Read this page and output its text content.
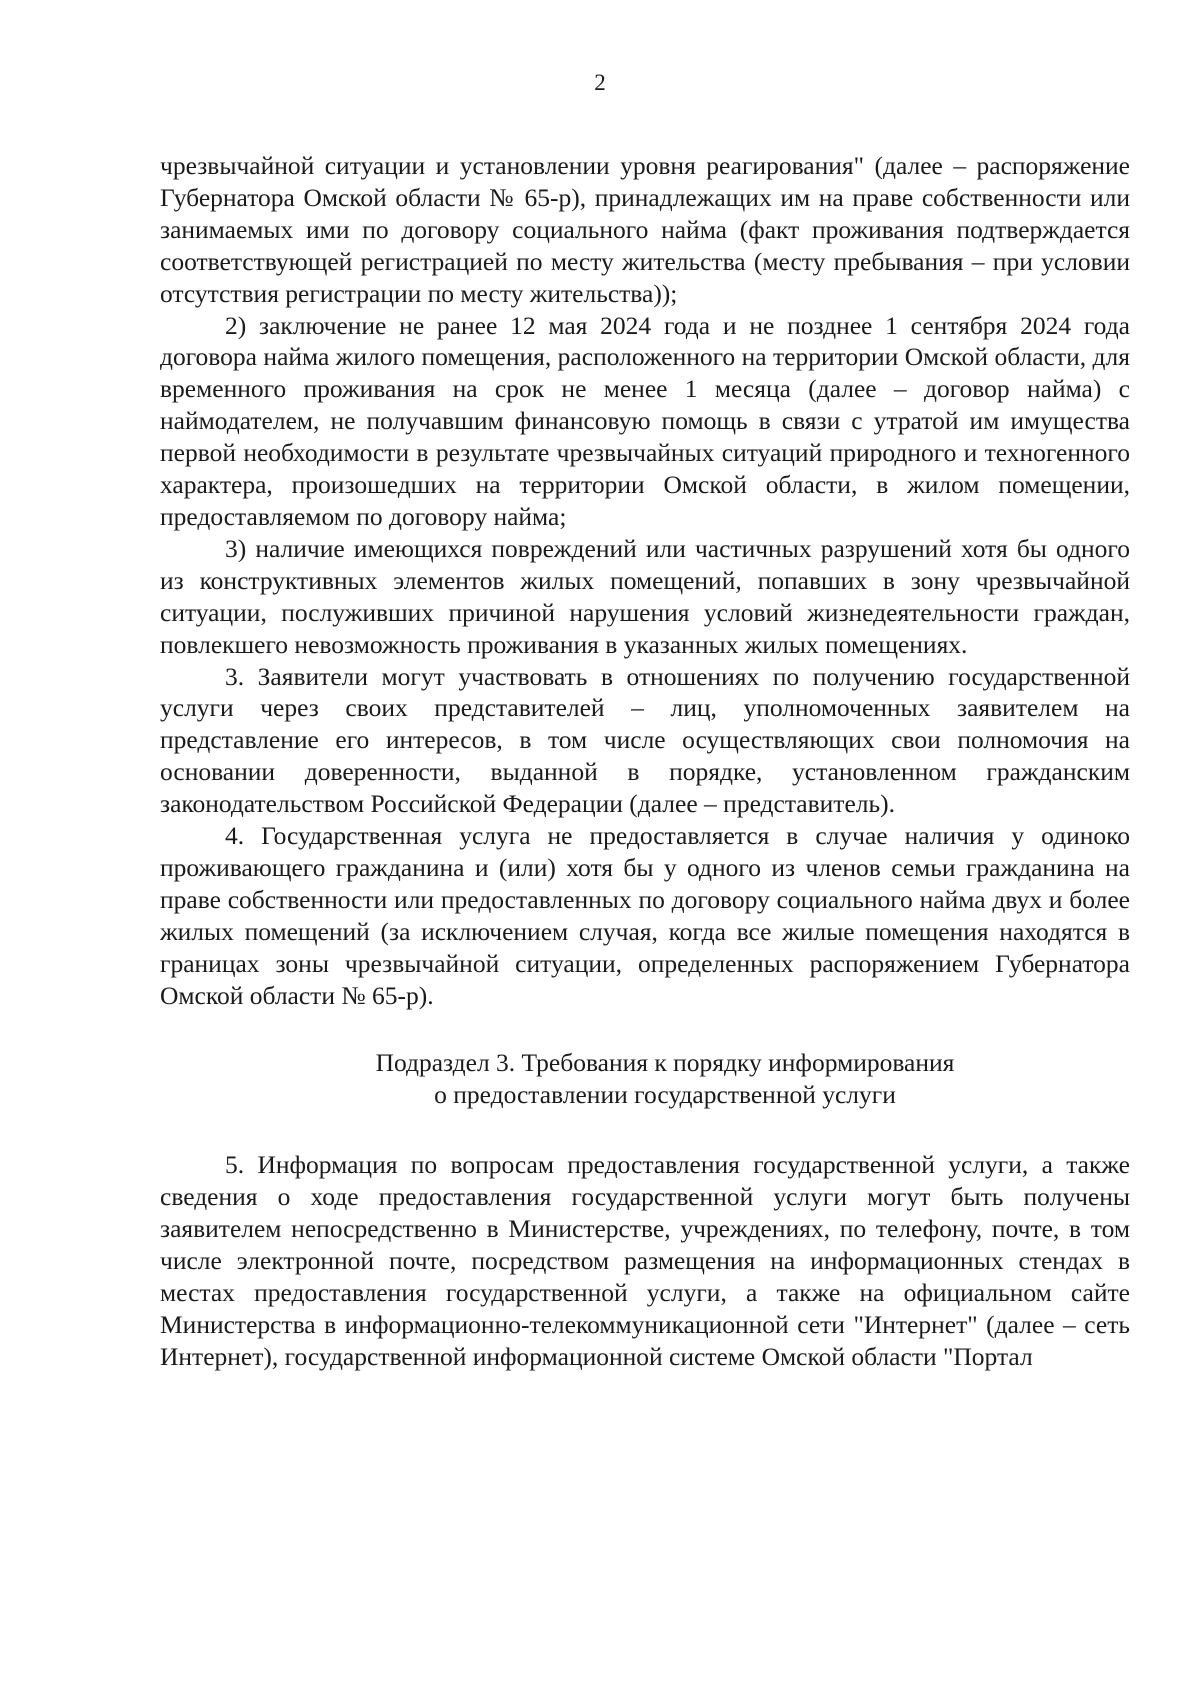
2

чрезвычайной ситуации и установлении уровня реагирования" (далее – распоряжение Губернатора Омской области № 65-р), принадлежащих им на праве собственности или занимаемых ими по договору социального найма (факт проживания подтверждается соответствующей регистрацией по месту жительства (месту пребывания – при условии отсутствия регистрации по месту жительства));

2) заключение не ранее 12 мая 2024 года и не позднее 1 сентября 2024 года договора найма жилого помещения, расположенного на территории Омской области, для временного проживания на срок не менее 1 месяца (далее – договор найма) с наймодателем, не получавшим финансовую помощь в связи с утратой им имущества первой необходимости в результате чрезвычайных ситуаций природного и техногенного характера, произошедших на территории Омской области, в жилом помещении, предоставляемом по договору найма;

3) наличие имеющихся повреждений или частичных разрушений хотя бы одного из конструктивных элементов жилых помещений, попавших в зону чрезвычайной ситуации, послуживших причиной нарушения условий жизнедеятельности граждан, повлекшего невозможность проживания в указанных жилых помещениях.

3. Заявители могут участвовать в отношениях по получению государственной услуги через своих представителей – лиц, уполномоченных заявителем на представление его интересов, в том числе осуществляющих свои полномочия на основании доверенности, выданной в порядке, установленном гражданским законодательством Российской Федерации (далее – представитель).

4. Государственная услуга не предоставляется в случае наличия у одиноко проживающего гражданина и (или) хотя бы у одного из членов семьи гражданина на праве собственности или предоставленных по договору социального найма двух и более жилых помещений (за исключением случая, когда все жилые помещения находятся в границах зоны чрезвычайной ситуации, определенных распоряжением Губернатора Омской области № 65-р).

Подраздел 3. Требования к порядку информирования
о предоставлении государственной услуги

5. Информация по вопросам предоставления государственной услуги, а также сведения о ходе предоставления государственной услуги могут быть получены заявителем непосредственно в Министерстве, учреждениях, по телефону, почте, в том числе электронной почте, посредством размещения на информационных стендах в местах предоставления государственной услуги, а также на официальном сайте Министерства в информационно-телекоммуникационной сети "Интернет" (далее – сеть Интернет), государственной информационной системе Омской области "Портал
